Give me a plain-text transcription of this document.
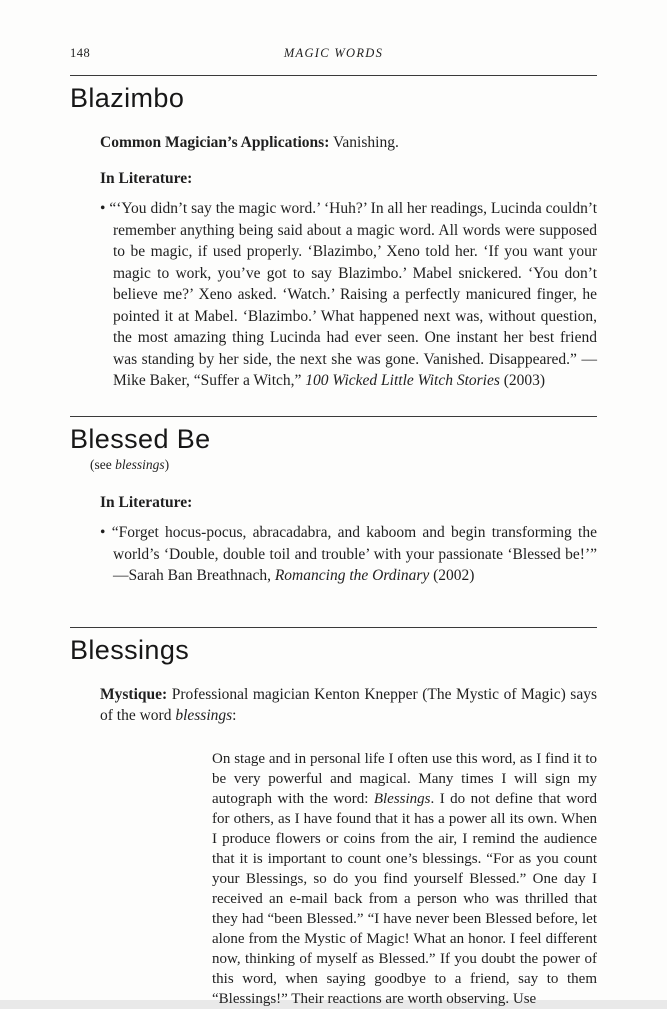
148	MAGIC WORDS
Blazimbo

Common Magician’s Applications: Vanishing.

In Literature:

• “‘You didn’t say the magic word.’ ‘Huh?’ In all her readings, Lucinda couldn’t remember anything being said about a magic word. All words were supposed to be magic, if used properly. ‘Blazimbo,’ Xeno told her. ‘If you want your magic to work, you’ve got to say Blazimbo.’ Mabel snickered. ‘You don’t believe me?’ Xeno asked. ‘Watch.’ Raising a perfectly manicured finger, he pointed it at Mabel. ‘Blazimbo.’ What happened next was, without question, the most amazing thing Lucinda had ever seen. One instant her best friend was standing by her side, the next she was gone. Vanished. Disappeared.” —Mike Baker, “Suffer a Witch,” 100 Wicked Little Witch Stories (2003)
Blessed Be

(see blessings)

In Literature:

• “Forget hocus-pocus, abracadabra, and kaboom and begin transforming the world’s ‘Double, double toil and trouble’ with your passionate ‘Blessed be!’” —Sarah Ban Breathnach, Romancing the Ordinary (2002)
Blessings

Mystique: Professional magician Kenton Knepper (The Mystic of Magic) says of the word blessings:

On stage and in personal life I often use this word, as I find it to be very powerful and magical. Many times I will sign my autograph with the word: Blessings. I do not define that word for others, as I have found that it has a power all its own. When I produce flowers or coins from the air, I remind the audience that it is important to count one’s blessings. “For as you count your Blessings, so do you find yourself Blessed.” One day I received an e-mail back from a person who was thrilled that they had “been Blessed.” “I have never been Blessed before, let alone from the Mystic of Magic! What an honor. I feel different now, thinking of myself as Blessed.” If you doubt the power of this word, when saying goodbye to a friend, say to them “Blessings!” Their reactions are worth observing. Use
